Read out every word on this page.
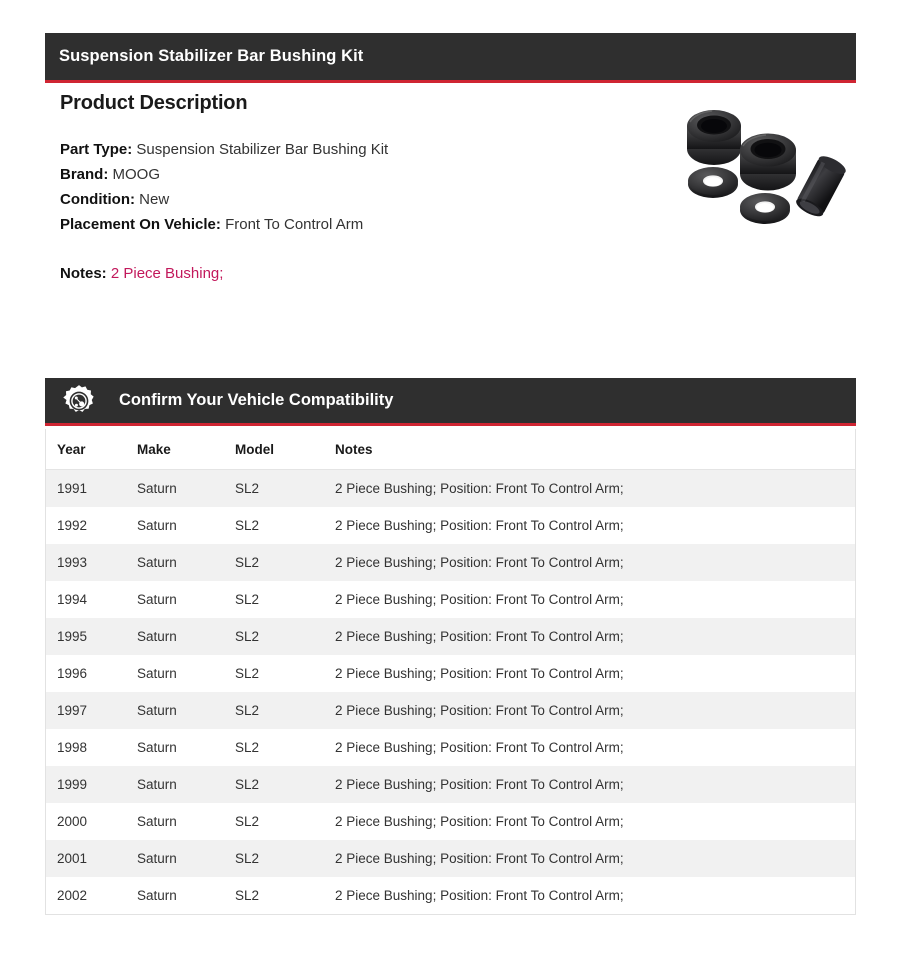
Suspension Stabilizer Bar Bushing Kit
Product Description
Part Type: Suspension Stabilizer Bar Bushing Kit
Brand: MOOG
Condition: New
Placement On Vehicle: Front To Control Arm
Notes: 2 Piece Bushing;
Confirm Your Vehicle Compatibility
Year	Make	Model	Notes
1991	Saturn	SL2	2 Piece Bushing; Position: Front To Control Arm;
1992	Saturn	SL2	2 Piece Bushing; Position: Front To Control Arm;
1993	Saturn	SL2	2 Piece Bushing; Position: Front To Control Arm;
1994	Saturn	SL2	2 Piece Bushing; Position: Front To Control Arm;
1995	Saturn	SL2	2 Piece Bushing; Position: Front To Control Arm;
1996	Saturn	SL2	2 Piece Bushing; Position: Front To Control Arm;
1997	Saturn	SL2	2 Piece Bushing; Position: Front To Control Arm;
1998	Saturn	SL2	2 Piece Bushing; Position: Front To Control Arm;
1999	Saturn	SL2	2 Piece Bushing; Position: Front To Control Arm;
2000	Saturn	SL2	2 Piece Bushing; Position: Front To Control Arm;
2001	Saturn	SL2	2 Piece Bushing; Position: Front To Control Arm;
2002	Saturn	SL2	2 Piece Bushing; Position: Front To Control Arm;
